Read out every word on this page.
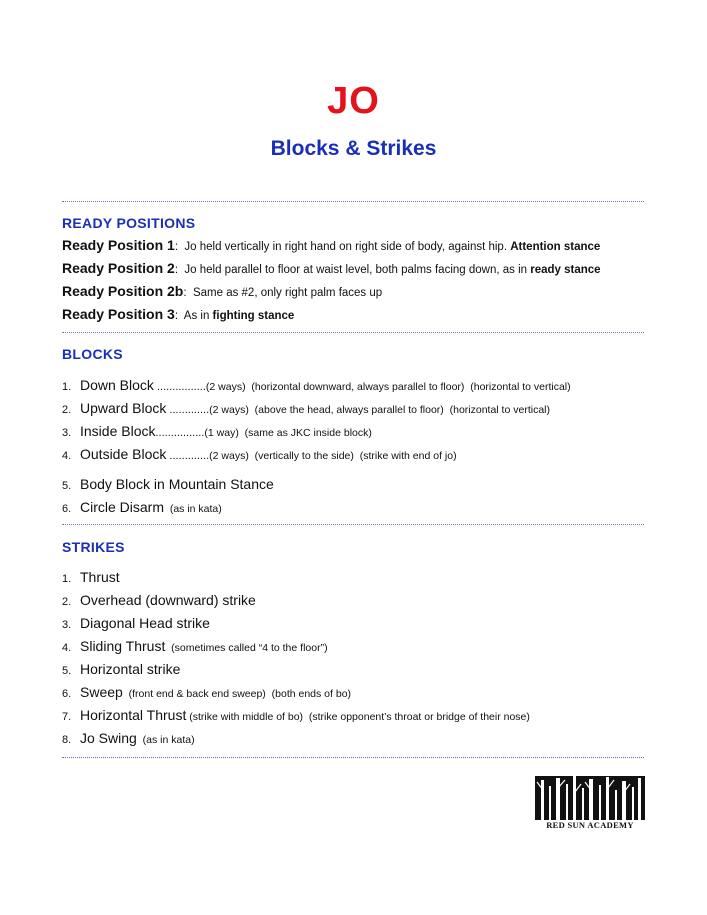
JO
Blocks & Strikes
READY POSITIONS
Ready Position 1:  Jo held vertically in right hand on right side of body, against hip. Attention stance
Ready Position 2:  Jo held parallel to floor at waist level, both palms facing down, as in ready stance
Ready Position 2b:  Same as #2, only right palm faces up
Ready Position 3:  As in fighting stance
BLOCKS
1. Down Block ................(2 ways)  (horizontal downward, always parallel to floor)  (horizontal to vertical)
2. Upward Block .............(2 ways)  (above the head, always parallel to floor)  (horizontal to vertical)
3. Inside Block................(1 way)  (same as JKC inside block)
4. Outside Block .............(2 ways)  (vertically to the side)  (strike with end of jo)
5. Body Block in Mountain Stance
6. Circle Disarm  (as in kata)
STRIKES
1. Thrust
2. Overhead (downward) strike
3. Diagonal Head strike
4. Sliding Thrust  (sometimes called “4 to the floor”)
5. Horizontal strike
6. Sweep  (front end & back end sweep)  (both ends of bo)
7. Horizontal Thrust (strike with middle of bo)  (strike opponent’s throat or bridge of their nose)
8. Jo Swing  (as in kata)
RED SUN ACADEMY
